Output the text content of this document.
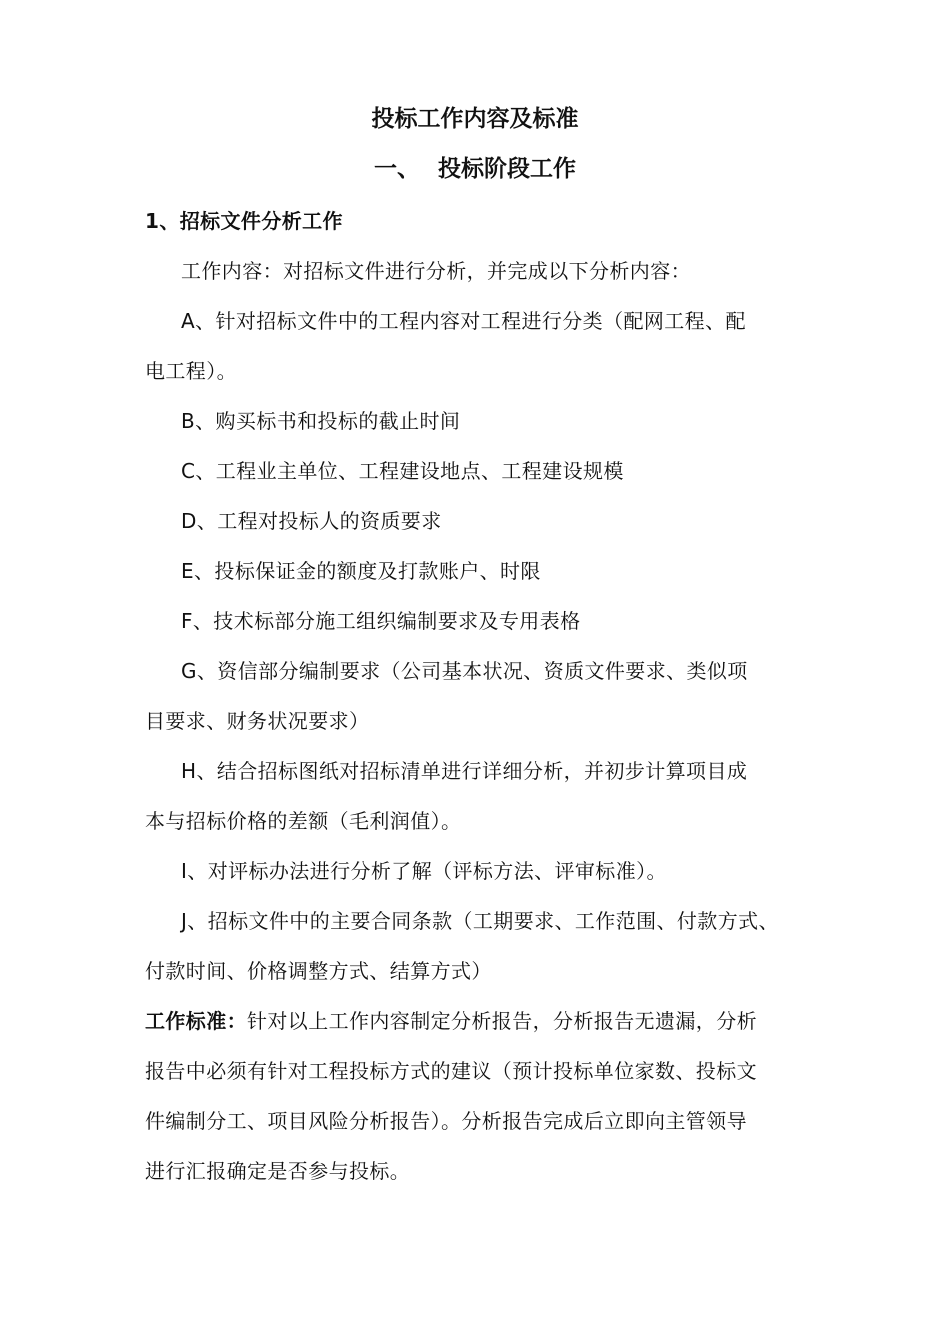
投标工作内容及标准
一、 投标阶段工作
1、招标文件分析工作
工作内容：对招标文件进行分析，并完成以下分析内容：
A、针对招标文件中的工程内容对工程进行分类（配网工程、配
电工程）。
B、购买标书和投标的截止时间
C、工程业主单位、工程建设地点、工程建设规模
D、工程对投标人的资质要求
E、投标保证金的额度及打款账户、时限
F、技术标部分施工组织编制要求及专用表格
G、资信部分编制要求（公司基本状况、资质文件要求、类似项
目要求、财务状况要求）
H、结合招标图纸对招标清单进行详细分析，并初步计算项目成
本与招标价格的差额（毛利润值）。
I、对评标办法进行分析了解（评标方法、评审标准）。
J、招标文件中的主要合同条款（工期要求、工作范围、付款方式、
付款时间、价格调整方式、结算方式）
工作标准：针对以上工作内容制定分析报告，分析报告无遗漏，分析
报告中必须有针对工程投标方式的建议（预计投标单位家数、投标文
件编制分工、项目风险分析报告）。分析报告完成后立即向主管领导
进行汇报确定是否参与投标。
